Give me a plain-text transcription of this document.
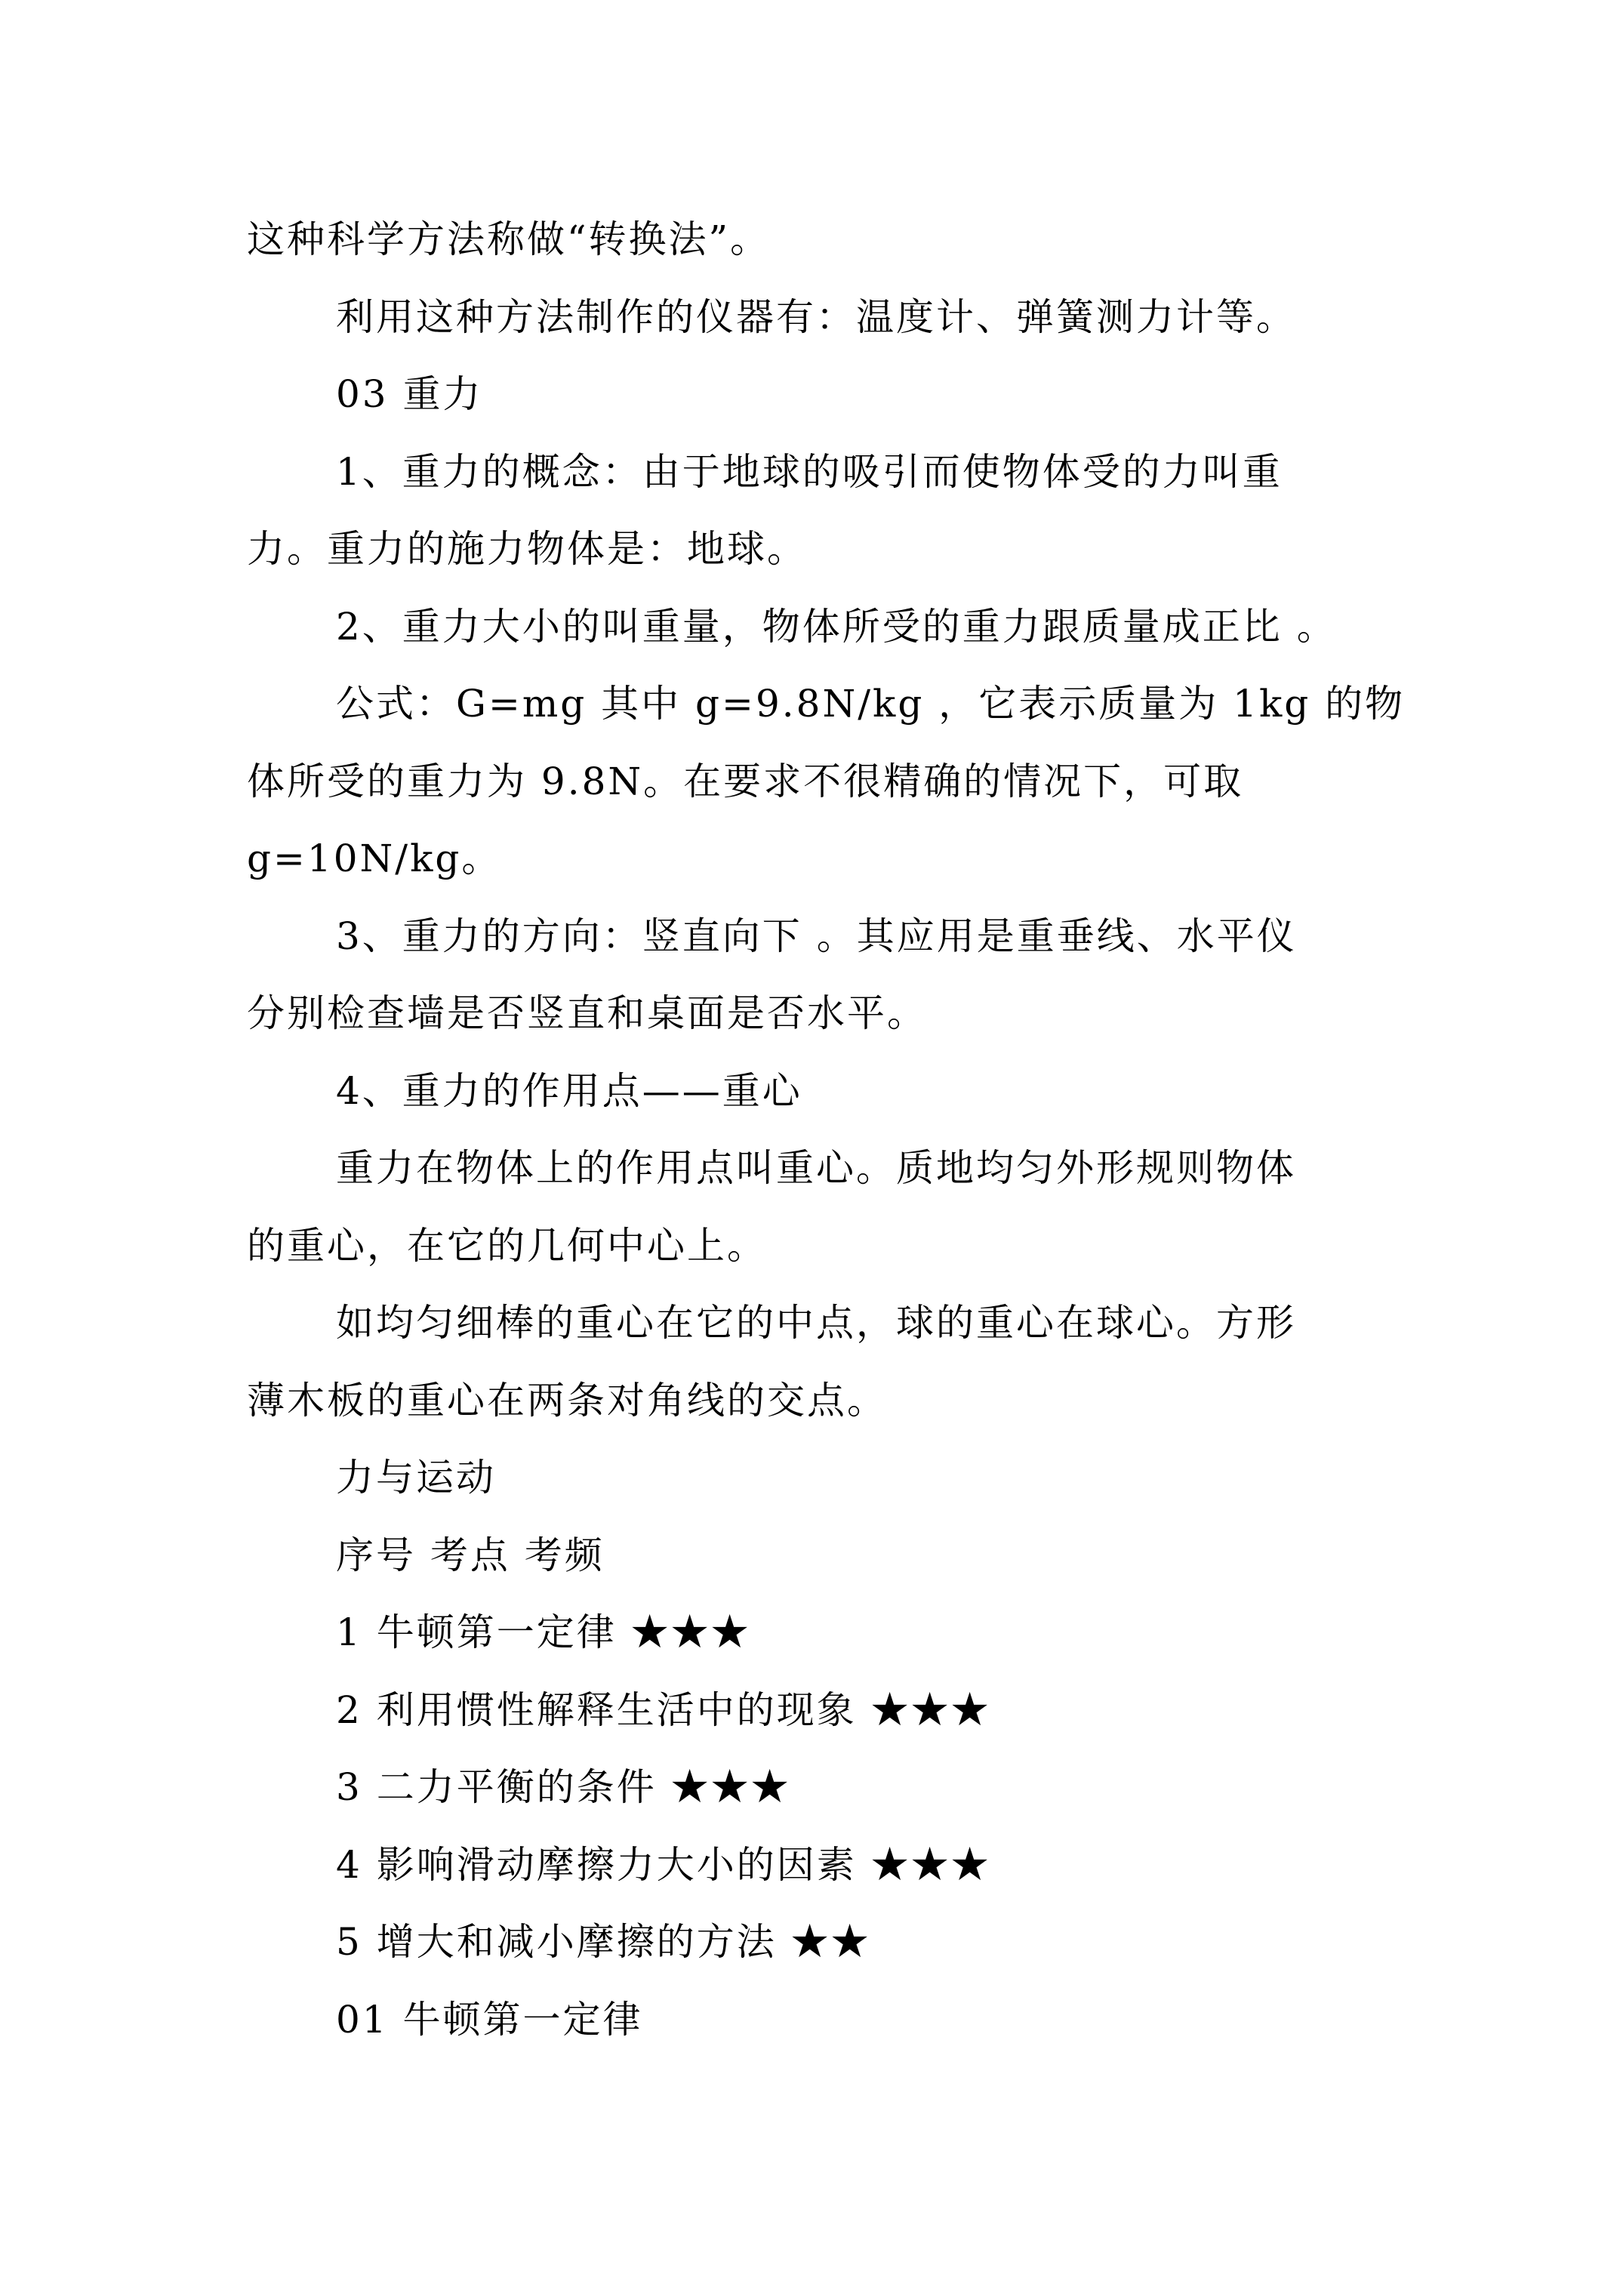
这种科学方法称做“转换法”。
利用这种方法制作的仪器有：温度计、弹簧测力计等。
03 重力
1、重力的概念：由于地球的吸引而使物体受的力叫重
力。重力的施力物体是：地球。
2、重力大小的叫重量，物体所受的重力跟质量成正比 。
公式：G=mg 其中 g=9.8N/kg ，它表示质量为 1kg 的物
体所受的重力为 9.8N。在要求不很精确的情况下，可取
g=10N/kg。
3、重力的方向：竖直向下 。其应用是重垂线、水平仪
分别检查墙是否竖直和桌面是否水平。
4、重力的作用点——重心
重力在物体上的作用点叫重心。质地均匀外形规则物体
的重心，在它的几何中心上。
如均匀细棒的重心在它的中点，球的重心在球心。方形
薄木板的重心在两条对角线的交点。
力与运动
序号 考点 考频
1 牛顿第一定律 ★★★
2 利用惯性解释生活中的现象 ★★★
3 二力平衡的条件 ★★★
4 影响滑动摩擦力大小的因素 ★★★
5 增大和减小摩擦的方法 ★★
01 牛顿第一定律
